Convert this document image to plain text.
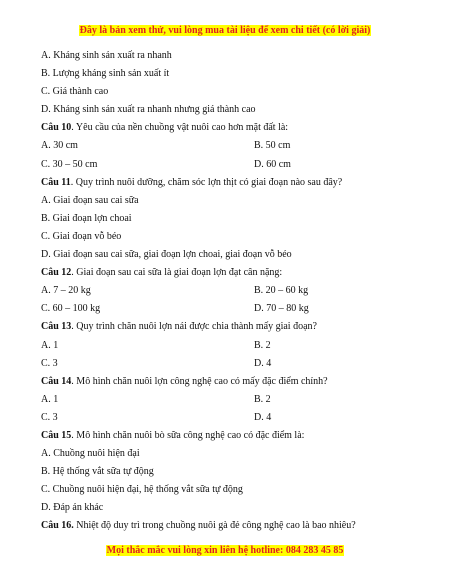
Đây là bản xem thử, vui lòng mua tài liệu để xem chi tiết (có lời giải)
A. Kháng sinh sản xuất ra nhanh
B. Lượng kháng sinh sản xuất ít
C. Giá thành cao
D. Kháng sinh sản xuất ra nhanh nhưng giá thành cao
Câu 10. Yêu cầu của nền chuồng vật nuôi cao hơn mặt đất là:
A. 30 cm	B. 50 cm
C. 30 – 50 cm	D. 60 cm
Câu 11. Quy trình nuôi dưỡng, chăm sóc lợn thịt có giai đoạn nào sau đây?
A. Giai đoạn sau cai sữa
B. Giai đoạn lợn choai
C. Giai đoạn vỗ béo
D. Giai đoạn sau cai sữa, giai đoạn lợn choai, giai đoạn vỗ béo
Câu 12. Giai đoạn sau cai sữa là giai đoạn lợn đạt cân nặng:
A. 7 – 20 kg	B. 20 – 60 kg
C. 60 – 100 kg	D. 70 – 80 kg
Câu 13. Quy trình chăn nuôi lợn nái được chia thành mấy giai đoạn?
A. 1	B. 2
C. 3	D. 4
Câu 14. Mô hình chăn nuôi lợn công nghệ cao có mấy đặc điểm chính?
A. 1	B. 2
C. 3	D. 4
Câu 15. Mô hình chăn nuôi bò sữa công nghệ cao có đặc điểm là:
A. Chuồng nuôi hiện đại
B. Hệ thống vắt sữa tự động
C. Chuồng nuôi hiện đại, hệ thống vắt sữa tự động
D. Đáp án khác
Câu 16. Nhiệt độ duy trì trong chuồng nuôi gà đẻ công nghệ cao là bao nhiêu?
Mọi thắc mắc vui lòng xin liên hệ hotline: 084 283 45 85
